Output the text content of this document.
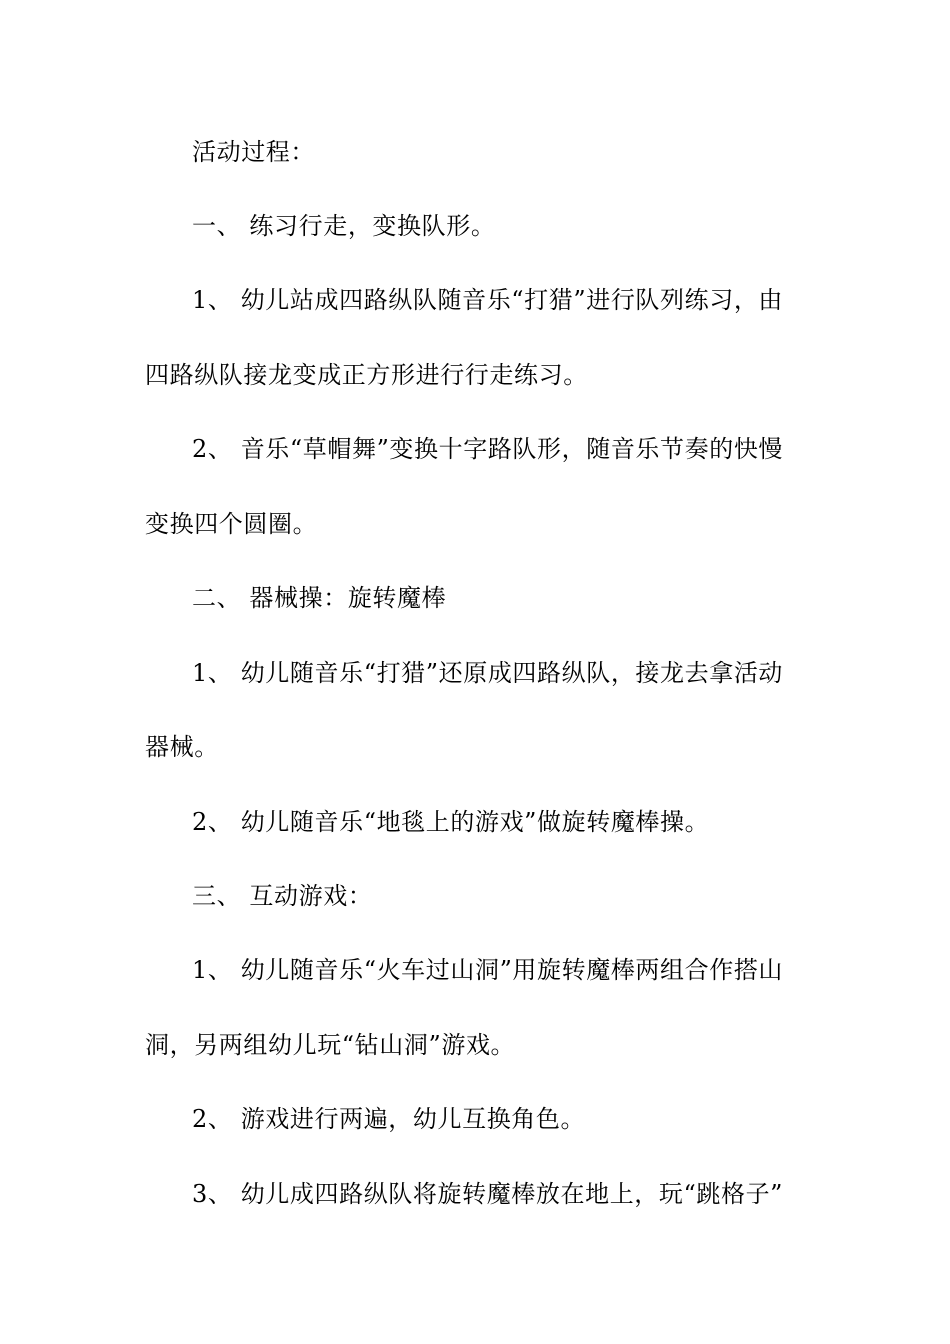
活动过程：
一、 练习行走，变换队形。
1、 幼儿站成四路纵队随音乐“打猎”进行队列练习，由
四路纵队接龙变成正方形进行行走练习。
2、 音乐“草帽舞”变换十字路队形，随音乐节奏的快慢
变换四个圆圈。
二、 器械操：旋转魔棒
1、 幼儿随音乐“打猎”还原成四路纵队，接龙去拿活动
器械。
2、 幼儿随音乐“地毯上的游戏”做旋转魔棒操。
三、 互动游戏：
1、 幼儿随音乐“火车过山洞”用旋转魔棒两组合作搭山
洞，另两组幼儿玩“钻山洞”游戏。
2、 游戏进行两遍，幼儿互换角色。
3、 幼儿成四路纵队将旋转魔棒放在地上，玩“跳格子”
